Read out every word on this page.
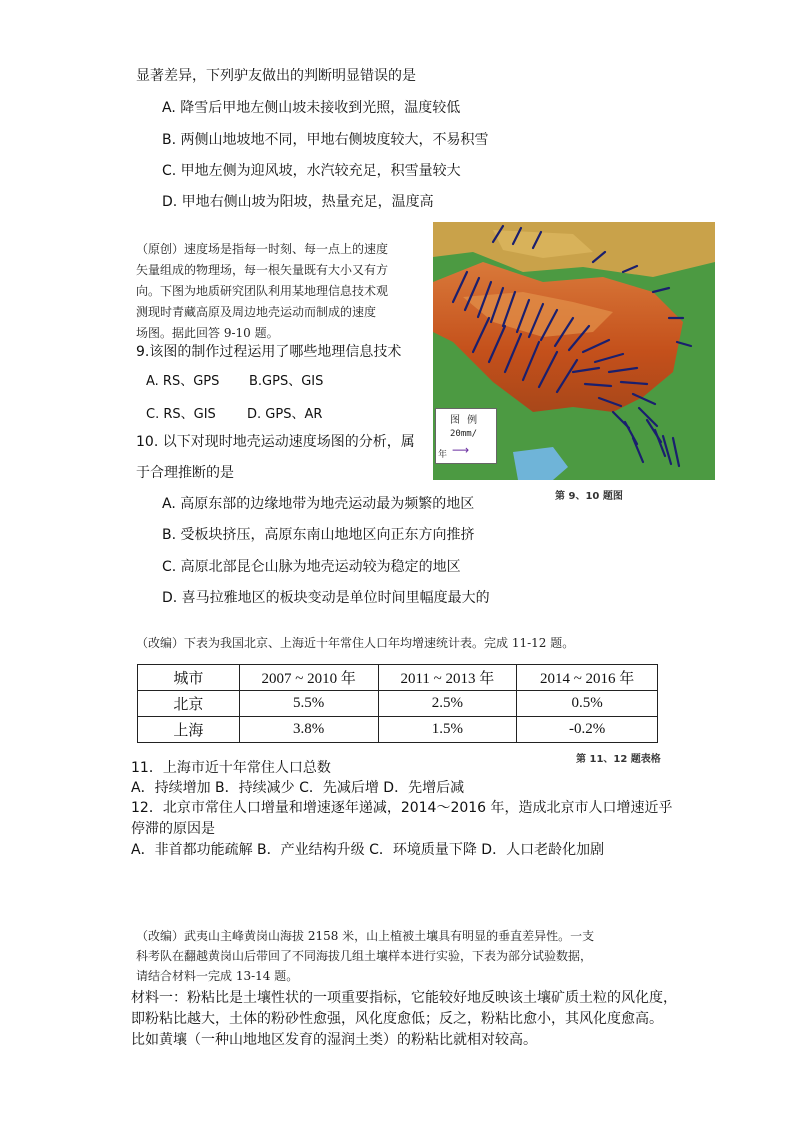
显著差异，下列驴友做出的判断明显错误的是
A. 降雪后甲地左侧山坡未接收到光照，温度较低
B. 两侧山地坡地不同，甲地右侧坡度较大，不易积雪
C. 甲地左侧为迎风坡，水汽较充足，积雪量较大
D. 甲地右侧山坡为阳坡，热量充足，温度高
（原创）速度场是指每一时刻、每一点上的速度
矢量组成的物理场，每一根矢量既有大小又有方
向。下图为地质研究团队利用某地理信息技术观
测现时青藏高原及周边地壳运动而制成的速度
场图。据此回答 9-10 题。
图 例
20mm/
⟶
年
第 9、10 题图
9.该图的制作过程运用了哪些地理信息技术
A. RS、GPS B.GPS、GIS
C. RS、GIS D. GPS、AR
10. 以下对现时地壳运动速度场图的分析，属
于合理推断的是
A. 高原东部的边缘地带为地壳运动最为频繁的地区
B. 受板块挤压，高原东南山地地区向正东方向推挤
C. 高原北部昆仑山脉为地壳运动较为稳定的地区
D. 喜马拉雅地区的板块变动是单位时间里幅度最大的
（改编）下表为我国北京、上海近十年常住人口年均增速统计表。完成 11-12 题。
城市	2007 ~ 2010 年	2011 ~ 2013 年	2014 ~ 2016 年
北京	5.5%	2.5%	0.5%
上海	3.8%	1.5%	-0.2%
第 11、12 题表格
11．上海市近十年常住人口总数
A．持续增加 B．持续减少 C．先减后增 D．先增后减
12．北京市常住人口增量和增速逐年递减，2014～2016 年，造成北京市人口增速近乎
停滞的原因是
A．非首都功能疏解 B．产业结构升级 C．环境质量下降 D．人口老龄化加剧
（改编）武夷山主峰黄岗山海拔 2158 米，山上植被土壤具有明显的垂直差异性。一支
科考队在翻越黄岗山后带回了不同海拔几组土壤样本进行实验，下表为部分试验数据，
请结合材料一完成 13-14 题。
材料一：粉粘比是土壤性状的一项重要指标，它能较好地反映该土壤矿质土粒的风化度，
即粉粘比越大，土体的粉砂性愈强，风化度愈低；反之，粉粘比愈小，其风化度愈高。
比如黄壤（一种山地地区发育的湿润土类）的粉粘比就相对较高。
